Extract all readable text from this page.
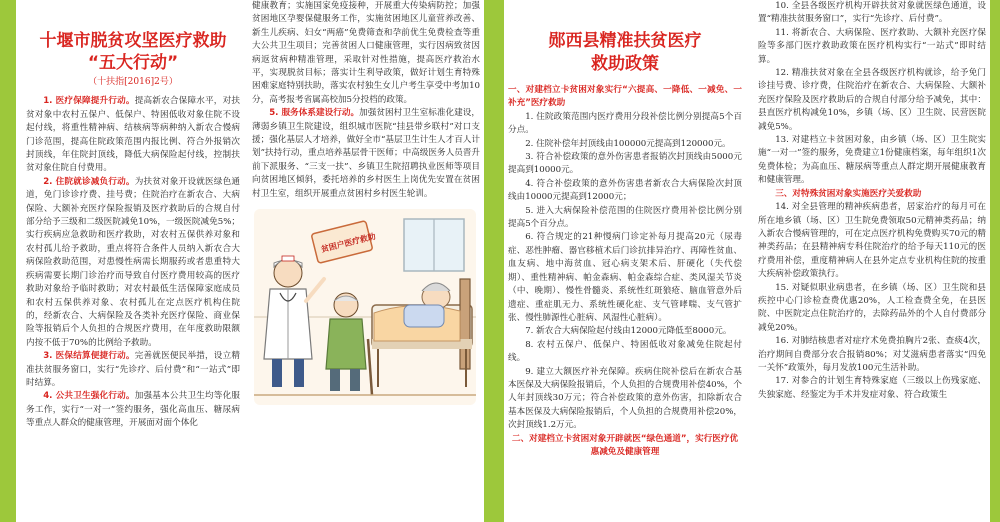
十堰市脱贫攻坚医疗救助
“五大行动”
（十扶指[2016]2号）

1. 医疗保障提升行动。提高新农合保障水平，对扶贫对象中农村五保户、低保户、特困低收对象住院不设起付线，将重性精神病、结核病等病种纳入新农合慢病门诊范围，提高住院政策范围内报比例、符合外报销次封顶线，年住院封顶线，降低大病保险起付线，控制扶贫对象住院自付费用。

2. 住院就诊减负行动。为扶贫对象开设就医绿色通道，免门诊诊疗费、挂号费；住院治疗在新农合、大病保险、大额补充医疗保险报销及医疗救助后的合规自付部分给予三级和二级医院减免10%，一级医院减免5%；实行疾病应急救助和医疗救助，对农村五保供养对象和农村孤儿给予救助，重点将符合条件人员纳入新农合大病保险救助范围，对患慢性病需长期服药或者患重特大疾病需要长期门诊治疗而导致自付医疗费用较高的医疗救助对象给予临时救助；对农村最低生活保障家庭成员和农村五保供养对象、农村孤儿在定点医疗机构住院的，经新农合、大病保险及各类补充医疗保险、商业保险等报销后个人负担的合规医疗费用，在年度救助限额内按不低于70%的比例给予救助。

3. 医保结算便捷行动。完善就医便民举措，设立精准扶贫服务窗口，实行“先诊疗、后付费”和“一站式”即时结算。

4. 公共卫生强化行动。加强基本公共卫生均等化服务工作，实行“一对一”签约服务，强化高血压、糖尿病等重点人群众的健康管理，开展面对面个体化

健康教育；实施国家免疫接种，开展重大传染病防控；加强贫困地区孕婴保健服务工作，实施贫困地区儿童营养改善、新生儿疾病、妇女“两癌”免费筛查和孕前优生免费检查等重大公共卫生项目；完善贫困人口健康管理，实行因病致贫因病返贫病种精准管理，采取针对性措施，提高医疗救治水平，实现脱贫目标；落实计生利导政策，做好计划生育特殊困难家庭特别扶助，落实农村独生女儿户考生享受中考加10分，高考报考省属高校加5分投档的政策。

5. 服务体系建设行动。加强贫困村卫生室标准化建设，薄弱乡镇卫生院建设，组织城市医院“挂县带乡联村”对口支援；强化基层人才培养，做好全市“基层卫生计生人才百人计划”扶持行动，重点培养基层骨干医师；中高级医务人员晋升前下派服务、“三支一扶”、乡镇卫生院招聘执业医师等项目向贫困地区倾斜，委托培养的乡村医生上岗优先安置在贫困村卫生室，组织开展重点贫困村乡村医生轮训。

贫困户医疗救助
郧西县精准扶贫医疗
救助政策

一、对建档立卡贫困对象实行“六提高、一降低、一减免、一补充”医疗救助

1. 住院政策范围内医疗费用分段补偿比例分别提高5个百分点。

2. 住院补偿年封顶线由100000元提高到120000元。

3. 符合补偿政策的意外伤害患者报销次封顶线由5000元提高到10000元。

4. 符合补偿政策的意外伤害患者新农合大病保险次封顶线由10000元提高到12000元；

5. 进入大病保险补偿范围的住院医疗费用补偿比例分别提高5个百分点。

6. 符合规定的21种慢病门诊定补每月提高20元（尿毒症、恶性肿瘤、器官移植术后门诊抗排异治疗、再障性贫血、血友病、地中海贫血、冠心病支架术后、肝硬化（失代偿期）、重性精神病、帕金森病、帕金森综合症、类风湿关节炎（中、晚期）、慢性骨髓炎、系统性红斑狼疮、脑血管意外后遗症、重症肌无力、系统性硬化症、支气管哮喘、支气管扩张、慢性肺源性心脏病、风湿性心脏病）。

7. 新农合大病保险起付线由12000元降低至8000元。

8. 农村五保户、低保户、特困低收对象减免住院起付线。

9. 建立大额医疗补充保障。疾病住院补偿后在新农合基本医保及大病保险报销后，个人负担的合规费用补偿40%，个人年封顶线30万元；符合补偿政策的意外伤害，扣除新农合基本医保及大病保险报销后，个人负担的合规费用补偿20%，次封顶线1.2万元。

二、对建档立卡贫困对象开辟就医“绿色通道”，实行医疗优惠减免及健康管理

10. 全县各级医疗机构开辟扶贫对象就医绿色通道，设置“精准扶贫服务窗口”，实行“先诊疗、后付费”。

11. 将新农合、大病保险、医疗救助、大额补充医疗保险等多部门医疗救助政策在医疗机构实行“一站式”即时结算。

12. 精准扶贫对象在全县各级医疗机构就诊，给予免门诊挂号费、诊疗费，住院治疗在新农合、大病保险、大额补充医疗保险及医疗救助后的合规自付部分给予减免，其中：县直医疗机构减免10%，乡镇（场、区）卫生院、民营医院减免5%。

13. 对建档立卡贫困对象，由乡镇（场、区）卫生院实施“一对一”签约服务，免费建立1份健康档案，每年组织1次免费体检；为高血压、糖尿病等重点人群定期开展健康教育和健康管理。

三、对特殊贫困对象实施医疗关爱救助

14. 对全县管理的精神疾病患者，居家治疗的每月可在所在地乡镇（场、区）卫生院免费领取50元精神类药品；纳入新农合慢病管理的，可在定点医疗机构免费购买70元的精神类药品；在县精神病专科住院治疗的给予每天110元的医疗费用补偿，重度精神病人在县外定点专业机构住院的按重大疾病补偿政策执行。

15. 对疑似职业病患者，在乡镇（场、区）卫生院和县疾控中心门诊检查费优惠20%，人工检查费全免，在县医院、中医院定点住院治疗的，去除药品外的个人自付费部分减免20%。

16. 对肺结核患者对症疗术免费拍胸片2张、查痰4次，治疗期间自费部分农合报销80%；对艾滋病患者落实“四免一关怀”政策外，每月发放100元生活补助。

17. 对参合的计划生育特殊家庭（三级以上伤残家庭、失独家庭、经鉴定为手术并发症对象、符合政策生
